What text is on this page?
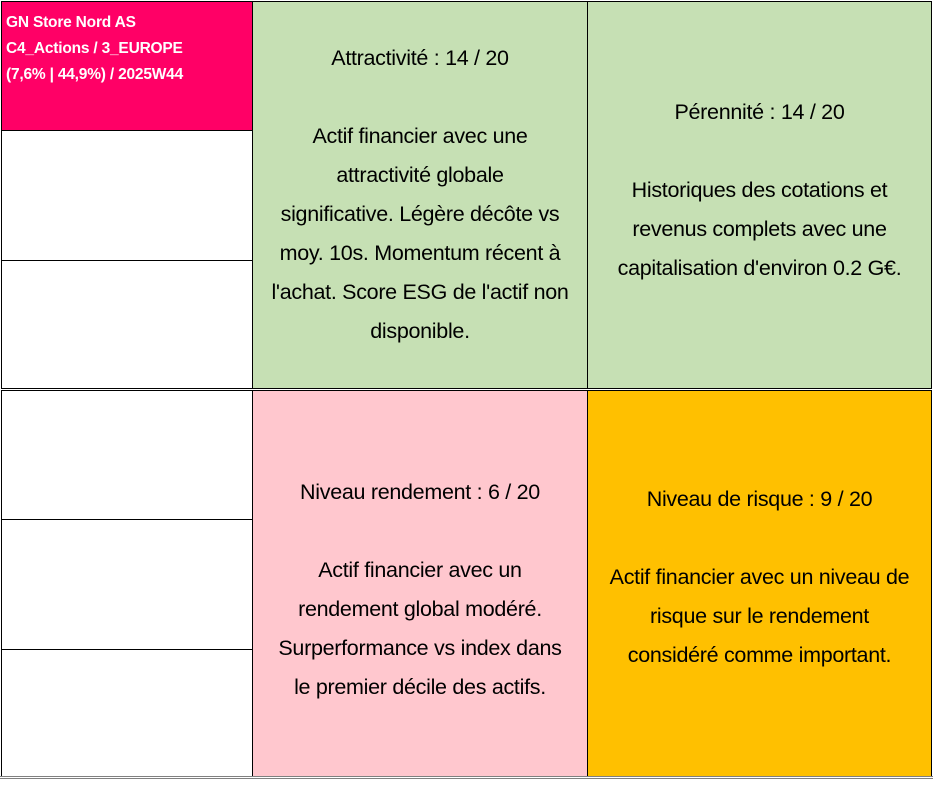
GN Store Nord AS
C4_Actions / 3_EUROPE
(7,6% | 44,9%) / 2025W44
Attractivité : 14 / 20
Actif financier avec une
attractivité globale
significative. Légère décôte vs
moy. 10s. Momentum récent à
l'achat. Score ESG de l'actif non
disponible.
Pérennité : 14 / 20
Historiques des cotations et
revenus complets avec une
capitalisation d'environ 0.2 G€.
Niveau rendement : 6 / 20
Actif financier avec un
rendement global modéré.
Surperformance vs index dans
le premier décile des actifs.
Niveau de risque : 9 / 20
Actif financier avec un niveau de
risque sur le rendement
considéré comme important.
